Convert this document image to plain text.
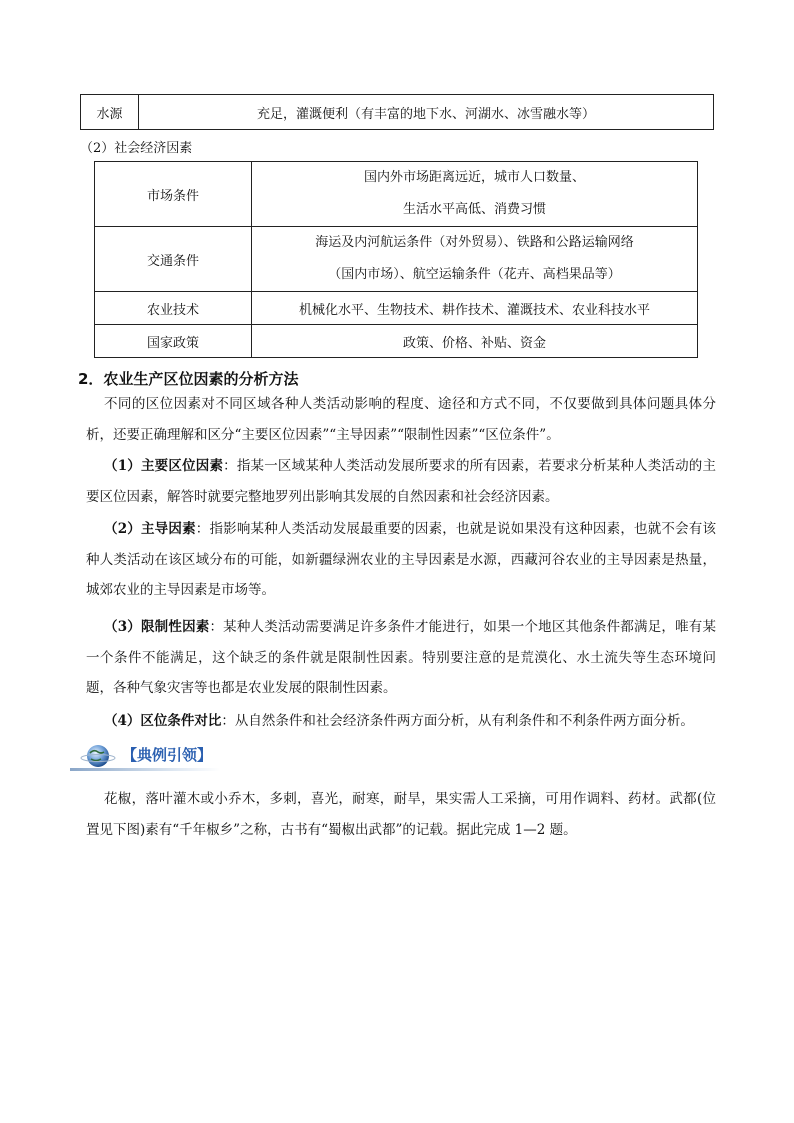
水源	充足，灌溉便利（有丰富的地下水、河湖水、冰雪融水等）
（2）社会经济因素
市场条件	国内外市场距离远近，城市人口数量、
生活水平高低、消费习惯

交通条件	海运及内河航运条件（对外贸易）、铁路和公路运输网络
（国内市场）、航空运输条件（花卉、高档果品等）

农业技术	机械化水平、生物技术、耕作技术、灌溉技术、农业科技水平
国家政策	政策、价格、补贴、资金
2．农业生产区位因素的分析方法
不同的区位因素对不同区域各种人类活动影响的程度、途径和方式不同，不仅要做到具体问题具体分析，还要正确理解和区分“主要区位因素”“主导因素”“限制性因素”“区位条件”。
（1）主要区位因素：指某一区域某种人类活动发展所要求的所有因素，若要求分析某种人类活动的主要区位因素，解答时就要完整地罗列出影响其发展的自然因素和社会经济因素。
（2）主导因素：指影响某种人类活动发展最重要的因素，也就是说如果没有这种因素，也就不会有该种人类活动在该区域分布的可能，如新疆绿洲农业的主导因素是水源，西藏河谷农业的主导因素是热量，城郊农业的主导因素是市场等。
（3）限制性因素：某种人类活动需要满足许多条件才能进行，如果一个地区其他条件都满足，唯有某一个条件不能满足，这个缺乏的条件就是限制性因素。特别要注意的是荒漠化、水土流失等生态环境问题，各种气象灾害等也都是农业发展的限制性因素。
（4）区位条件对比：从自然条件和社会经济条件两方面分析，从有利条件和不利条件两方面分析。
【典例引领】
花椒，落叶灌木或小乔木，多刺，喜光，耐寒，耐旱，果实需人工采摘，可用作调料、药材。武都(位置见下图)素有“千年椒乡”之称，古书有“蜀椒出武都”的记载。据此完成 1—2 题。
